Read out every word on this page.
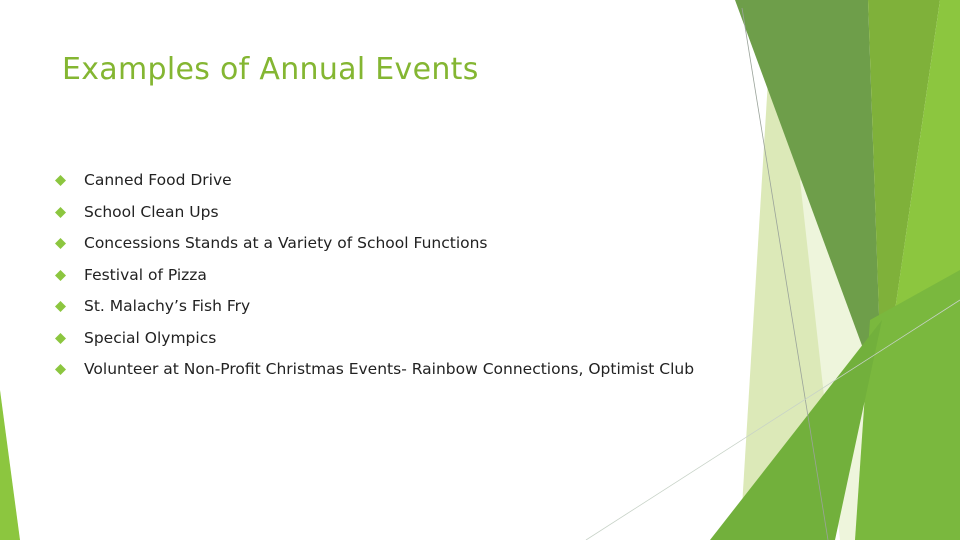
Examples of Annual Events
Canned Food Drive
School Clean Ups
Concessions Stands at a Variety of School Functions
Festival of Pizza
St. Malachy’s Fish Fry
Special Olympics
Volunteer at Non-Profit Christmas Events- Rainbow Connections, Optimist Club
